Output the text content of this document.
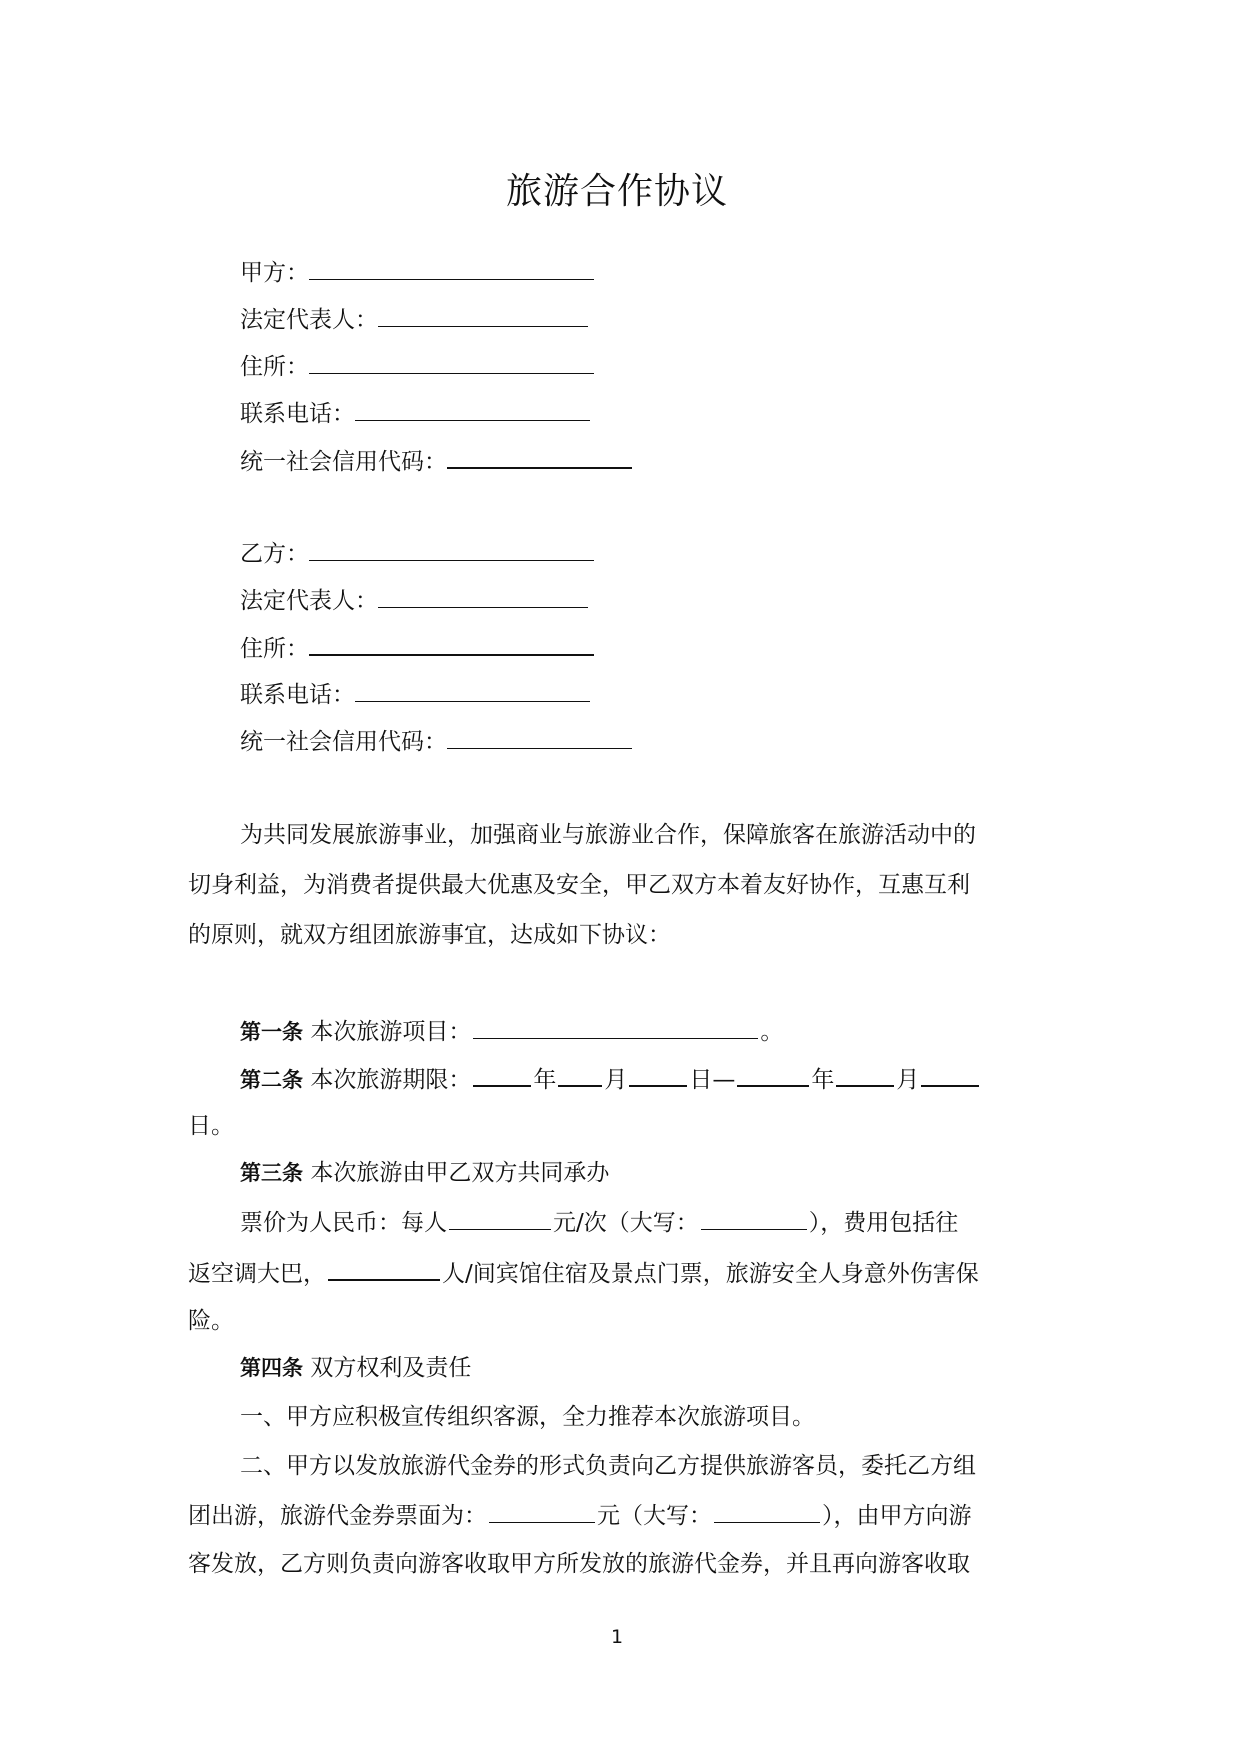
旅游合作协议
甲方：
法定代表人：
住所：
联系电话：
统一社会信用代码：
乙方：
法定代表人：
住所：
联系电话：
统一社会信用代码：
为共同发展旅游事业，加强商业与旅游业合作，保障旅客在旅游活动中的
切身利益，为消费者提供最大优惠及安全，甲乙双方本着友好协作，互惠互利
的原则，就双方组团旅游事宜，达成如下协议：
第一条 本次旅游项目：	。
第二条 本次旅游期限：	年 月	日—	年	月
日。
第三条 本次旅游由甲乙双方共同承办
票价为人民币：每人	元/次（大写：	），费用包括往
返空调大巴，	人/间宾馆住宿及景点门票，旅游安全人身意外伤害保
险。
第四条 双方权利及责任
一、甲方应积极宣传组织客源，全力推荐本次旅游项目。
二、甲方以发放旅游代金券的形式负责向乙方提供旅游客员，委托乙方组
团出游，旅游代金券票面为：	元（大写：	），由甲方向游
客发放，乙方则负责向游客收取甲方所发放的旅游代金券，并且再向游客收取
1
